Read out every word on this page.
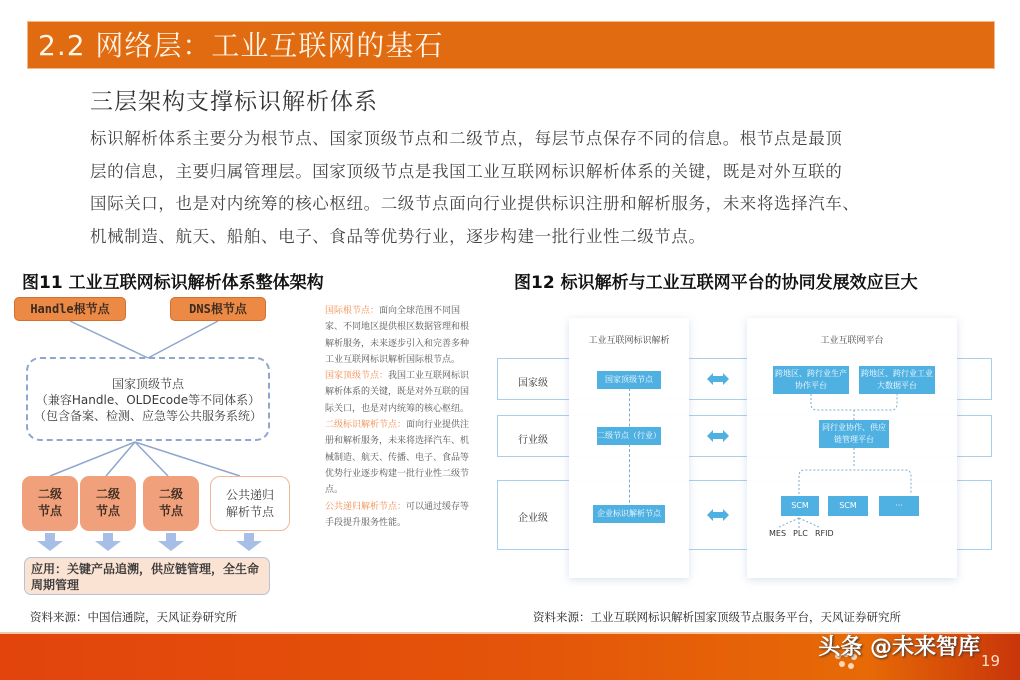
2.2 网络层：工业互联网的基石
三层架构支撑标识解析体系
标识解析体系主要分为根节点、国家顶级节点和二级节点，每层节点保存不同的信息。根节点是最顶
层的信息，主要归属管理层。国家顶级节点是我国工业互联网标识解析体系的关键，既是对外互联的
国际关口，也是对内统筹的核心枢纽。二级节点面向行业提供标识注册和解析服务，未来将选择汽车、
机械制造、航天、船舶、电子、食品等优势行业，逐步构建一批行业性二级节点。
图11 工业互联网标识解析体系整体架构
Handle根节点	DNS根节点
国家顶级节点
（兼容Handle、OLDEcode等不同体系）
（包含备案、检测、应急等公共服务系统）
二级
节点
二级
节点
二级
节点
公共递归
解析节点
应用：关键产品追溯，供应链管理，全生命周期管理

国际根节点：面向全球范围不同国家、不同地区提供根区数据管理和根解析服务，未来逐步引入和完善多种工业互联网标识解析国际根节点。

国家顶级节点：我国工业互联网标识解析体系的关键，既是对外互联的国际关口，也是对内统筹的核心枢纽。

二级标识解析节点：面向行业提供注册和解析服务，未来将选择汽车、机械制造、航天、传播、电子、食品等优势行业逐步构建一批行业性二级节点。

公共递归解析节点：可以通过缓存等手段提升服务性能。

资料来源：中国信通院，天风证券研究所
图12 标识解析与工业互联网平台的协同发展效应巨大
国家级
行业级
企业级
工业互联网标识解析
国家顶级节点
二级节点（行业）
企业标识解析节点
工业互联网平台
跨地区、跨行业生产协作平台
跨地区、跨行业工业大数据平台
同行业协作、供应链管理平台
SCM	SCM	···
MES PLC RFID
资料来源：工业互联网标识解析国家顶级节点服务平台，天风证券研究所
头条 @未来智库
19
